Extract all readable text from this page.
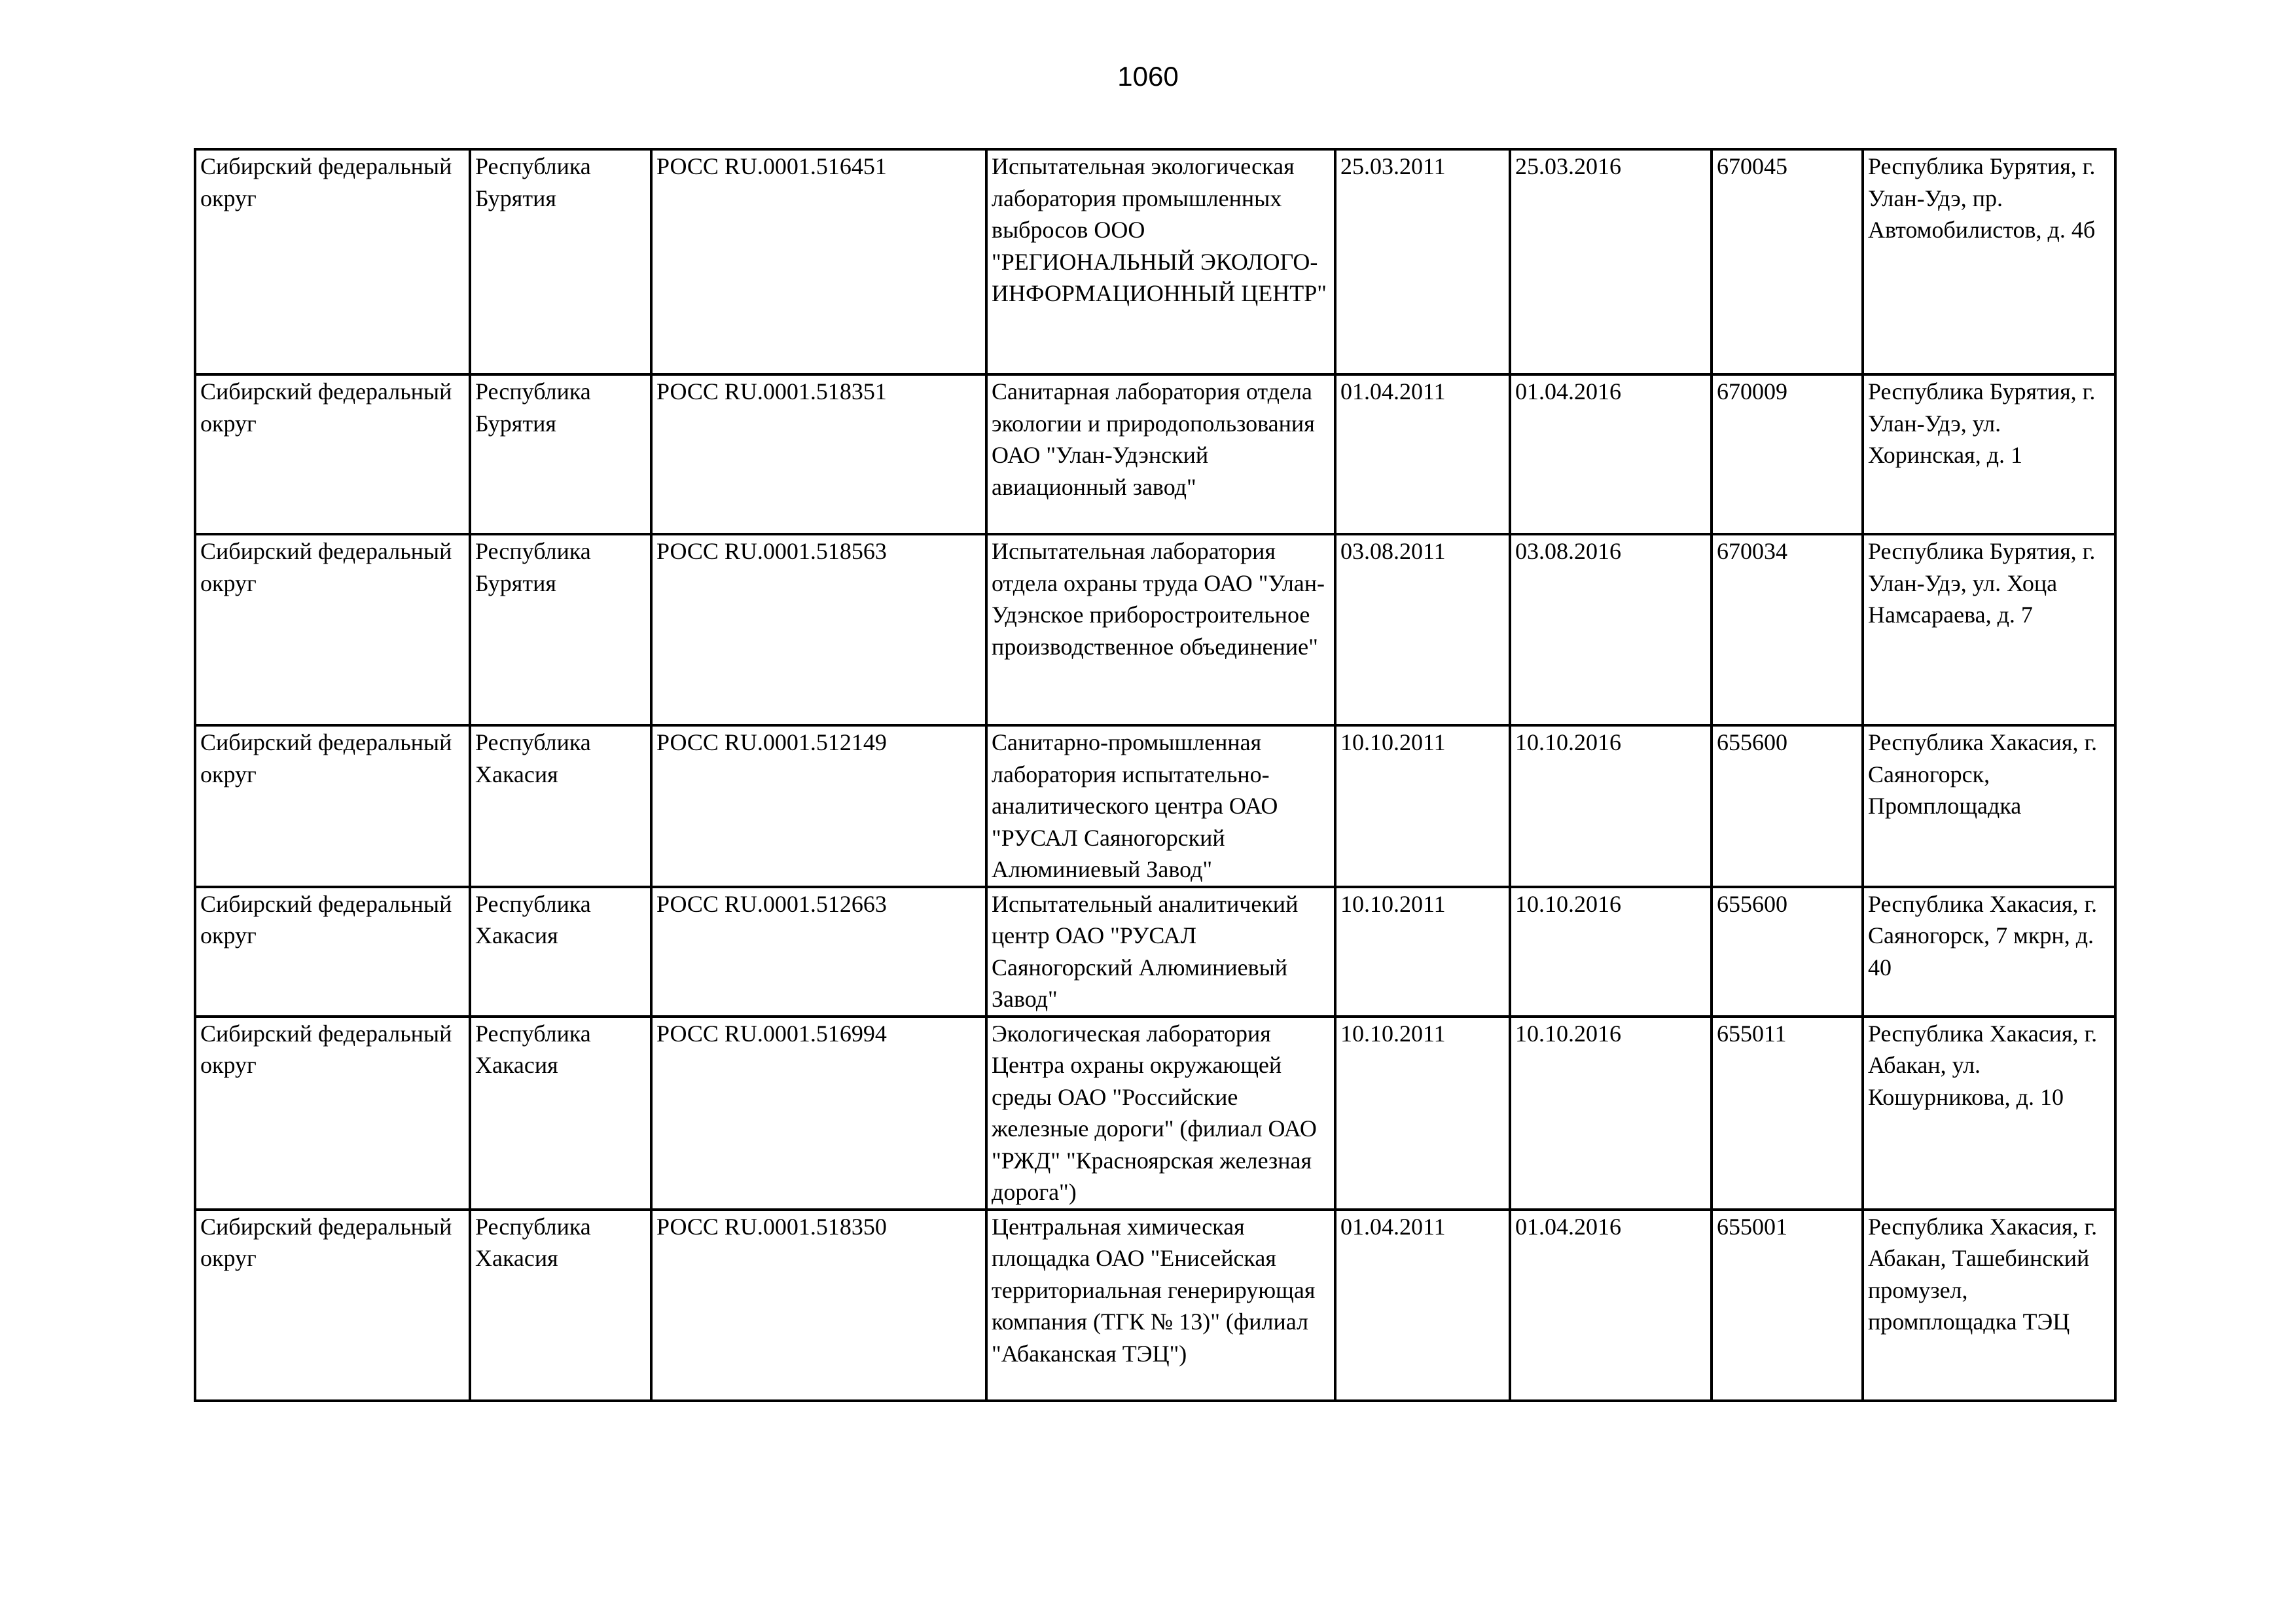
1060
Сибирский федеральный округ	Республика Бурятия	РОСС RU.0001.516451	Испытательная экологическая лаборатория промышленных выбросов ООО "РЕГИОНАЛЬНЫЙ ЭКОЛОГО-ИНФОРМАЦИОННЫЙ ЦЕНТР"	25.03.2011	25.03.2016	670045	Республика Бурятия, г. Улан-Удэ, пр. Автомобилистов, д. 4б
Сибирский федеральный округ	Республика Бурятия	РОСС RU.0001.518351	Санитарная лаборатория отдела экологии и природопользования ОАО "Улан-Удэнский авиационный завод"	01.04.2011	01.04.2016	670009	Республика Бурятия, г. Улан-Удэ, ул. Хоринская, д. 1
Сибирский федеральный округ	Республика Бурятия	РОСС RU.0001.518563	Испытательная лаборатория отдела охраны труда ОАО "Улан-Удэнское приборостроительное производственное объединение"	03.08.2011	03.08.2016	670034	Республика Бурятия, г. Улан-Удэ, ул. Хоца Намсараева, д. 7
Сибирский федеральный округ	Республика Хакасия	РОСС RU.0001.512149	Санитарно-промышленная лаборатория испытательно-аналитического центра ОАО "РУСАЛ Саяногорский Алюминиевый Завод"	10.10.2011	10.10.2016	655600	Республика Хакасия, г. Саяногорск, Промплощадка
Сибирский федеральный округ	Республика Хакасия	РОСС RU.0001.512663	Испытательный аналитичекий центр ОАО "РУСАЛ Саяногорский Алюминиевый Завод"	10.10.2011	10.10.2016	655600	Республика Хакасия, г. Саяногорск, 7 мкрн, д. 40
Сибирский федеральный округ	Республика Хакасия	РОСС RU.0001.516994	Экологическая лаборатория Центра охраны окружающей среды ОАО "Российские железные дороги" (филиал ОАО "РЖД" "Красноярская железная дорога")	10.10.2011	10.10.2016	655011	Республика Хакасия, г. Абакан, ул. Кошурникова, д. 10
Сибирский федеральный округ	Республика Хакасия	РОСС RU.0001.518350	Центральная химическая площадка ОАО "Енисейская территориальная генерирующая компания (ТГК № 13)" (филиал "Абаканская ТЭЦ")	01.04.2011	01.04.2016	655001	Республика Хакасия, г. Абакан, Ташебинский промузел, промплощадка ТЭЦ
